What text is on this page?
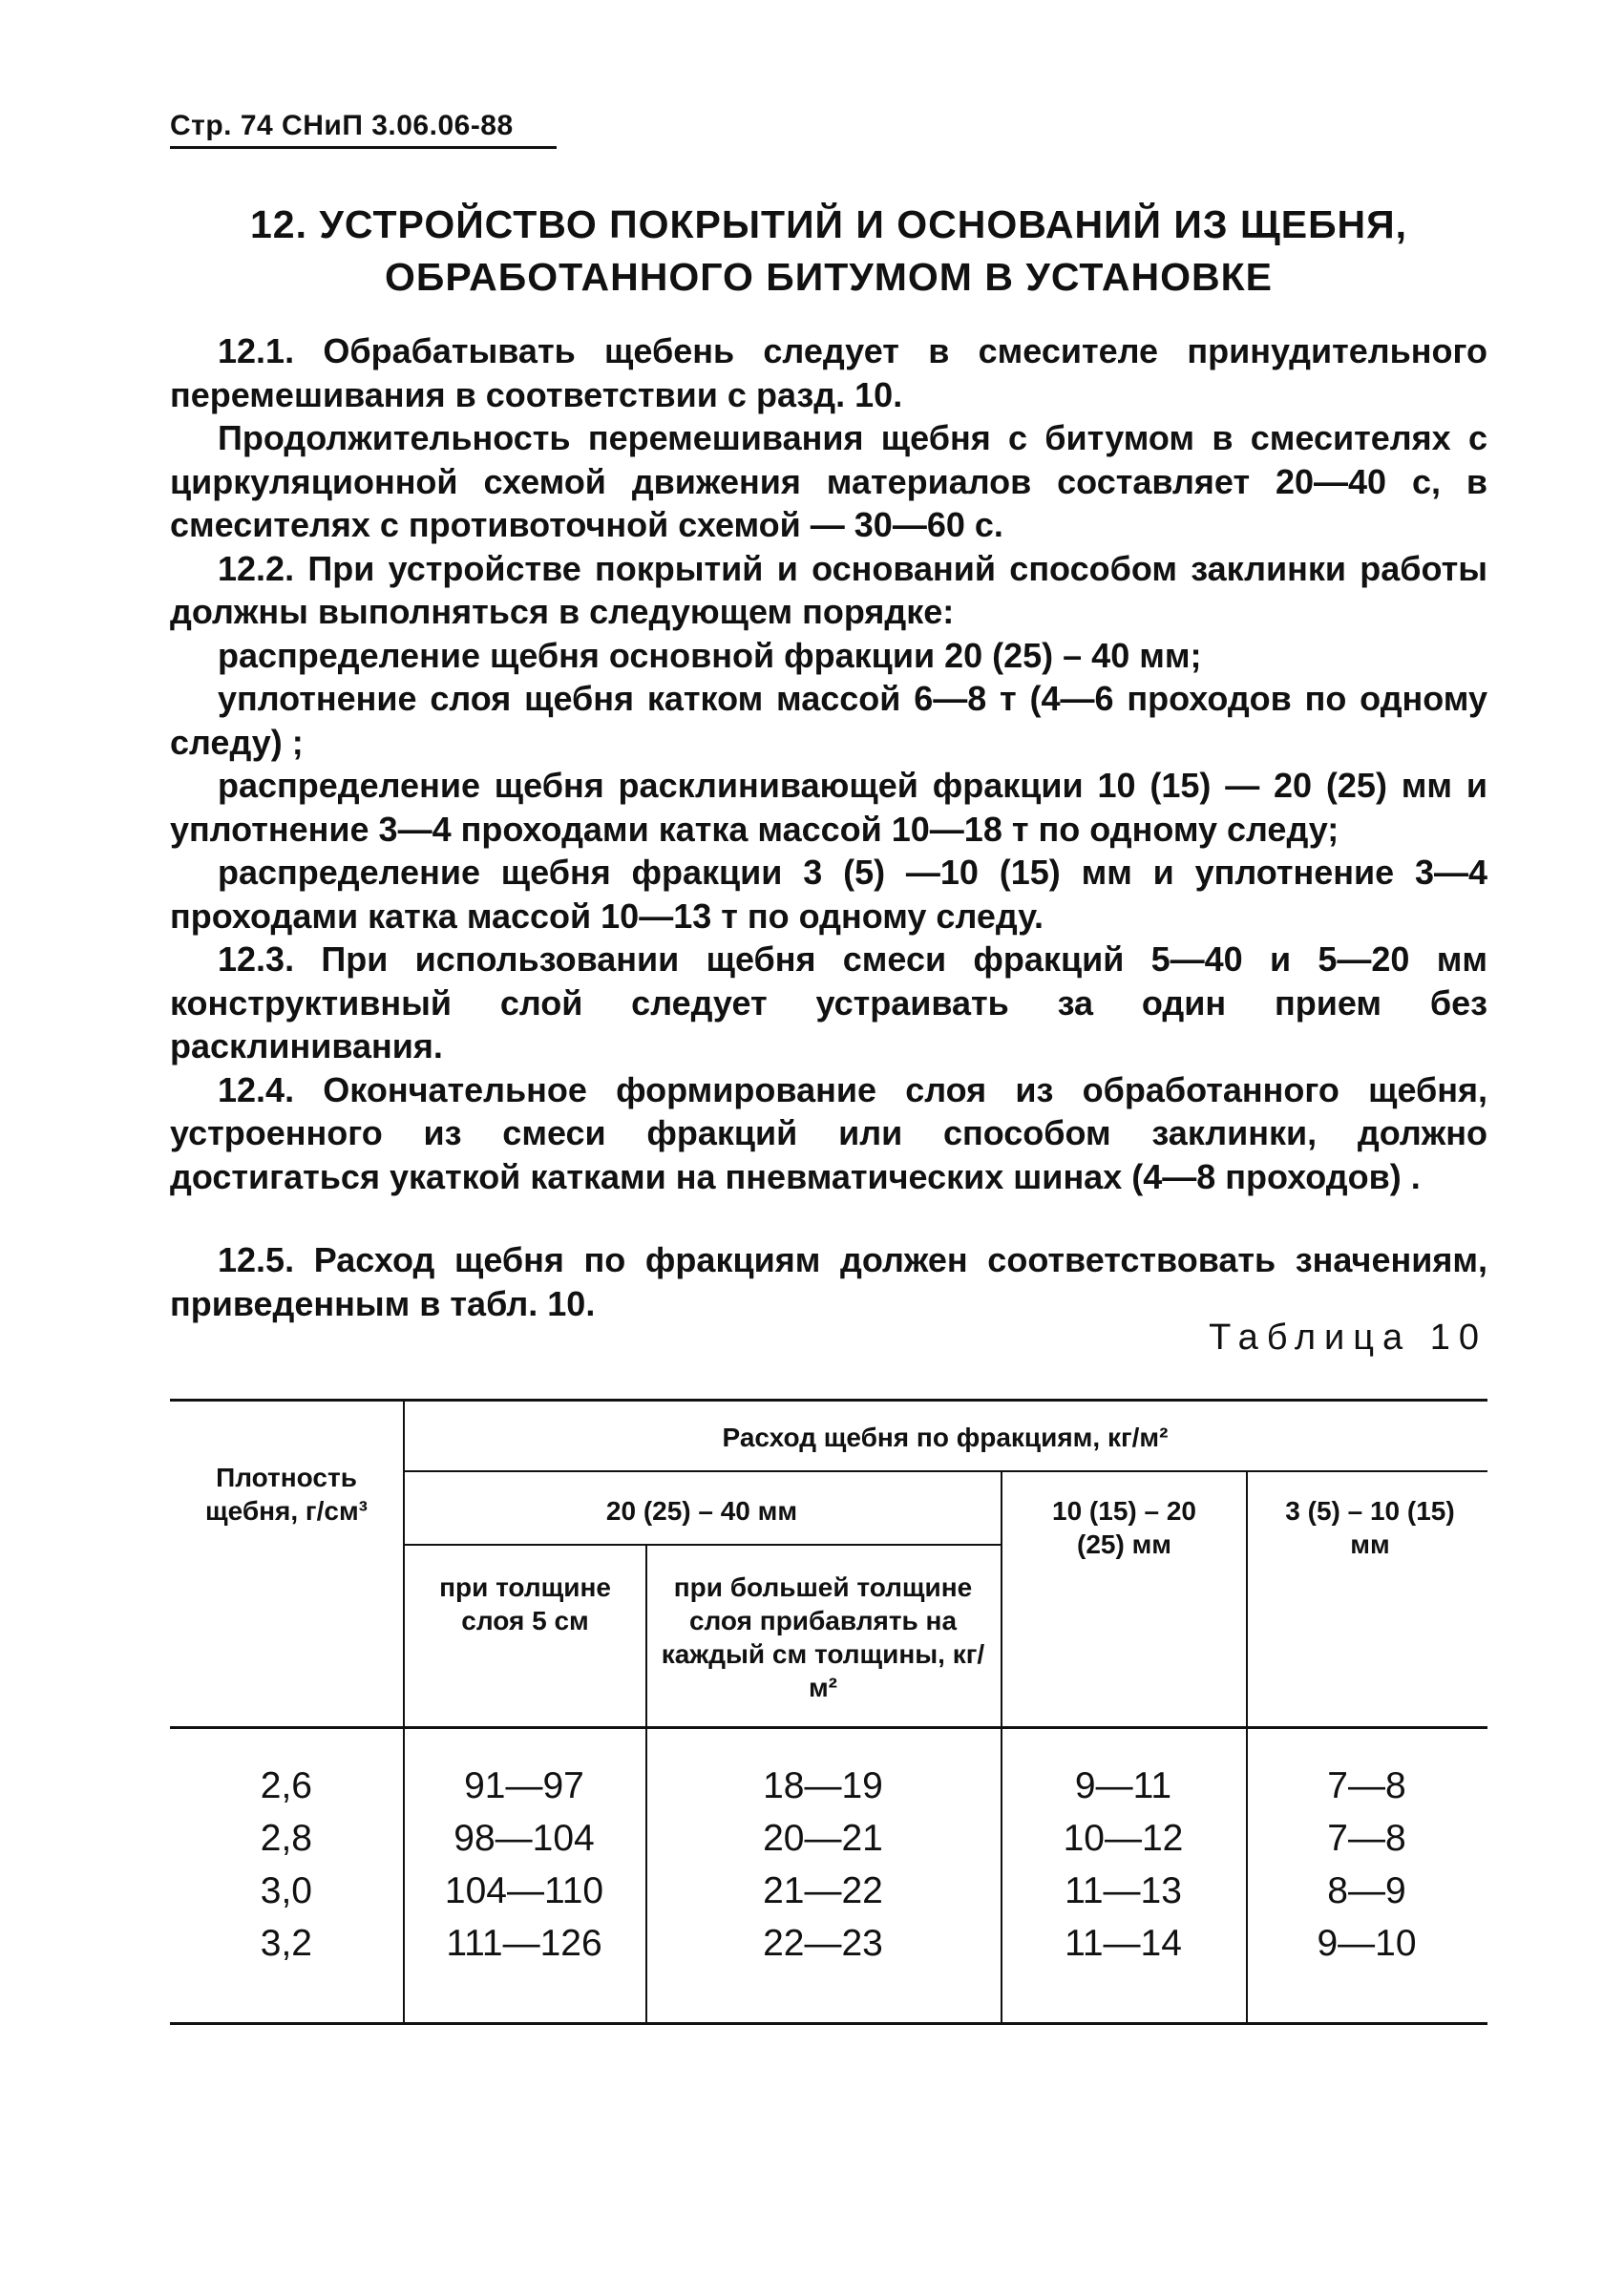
Стр. 74 СНиП 3.06.06-88
12. УСТРОЙСТВО ПОКРЫТИЙ И ОСНОВАНИЙ ИЗ ЩЕБНЯ,
ОБРАБОТАННОГО БИТУМОМ В УСТАНОВКЕ

12.1. Обрабатывать щебень следует в смесителе принудительного перемешивания в соответствии с разд. 10.

Продолжительность перемешивания щебня с битумом в смесителях с циркуляционной схемой движения материалов составляет 20—40 с, в смесителях с противоточной схемой — 30—60 с.

12.2. При устройстве покрытий и оснований способом заклинки работы должны выполняться в следующем порядке:

распределение щебня основной фракции 20 (25) – 40 мм;

уплотнение слоя щебня катком массой 6—8 т (4—6 проходов по одному следу) ;

распределение щебня расклинивающей фракции 10 (15) — 20 (25) мм и уплотнение 3—4 проходами катка массой 10—18 т по одному следу;

распределение щебня фракции 3 (5) —10 (15) мм и уплотнение 3—4 проходами катка массой 10—13 т по одному следу.

12.3. При использовании щебня смеси фракций 5—40 и 5—20 мм конструктивный слой следует устраивать за один прием без расклинивания.

12.4. Окончательное формирование слоя из обработанного щебня, устроенного из смеси фракций или способом заклинки, должно достигаться укаткой катками на пневматических шинах (4—8 проходов) .

12.5. Расход щебня по фракциям должен соответствовать значениям, приведенным в табл. 10.

Таблица 10
Плотность щебня, г/см³
Расход щебня по фракциям, кг/м²
20 (25) – 40 мм	10 (15) – 20 (25) мм
3 (5) – 10 (15) мм
при толщине слоя 5 см
при большей толщине слоя прибавлять на каждый см толщины, кг/м²
2,6
2,8
3,0
3,2
91—97
98—104
104—110
111—126
18—19
20—21
21—22
22—23
9—11
10—12
11—13
11—14
7—8
7—8
8—9
9—10
